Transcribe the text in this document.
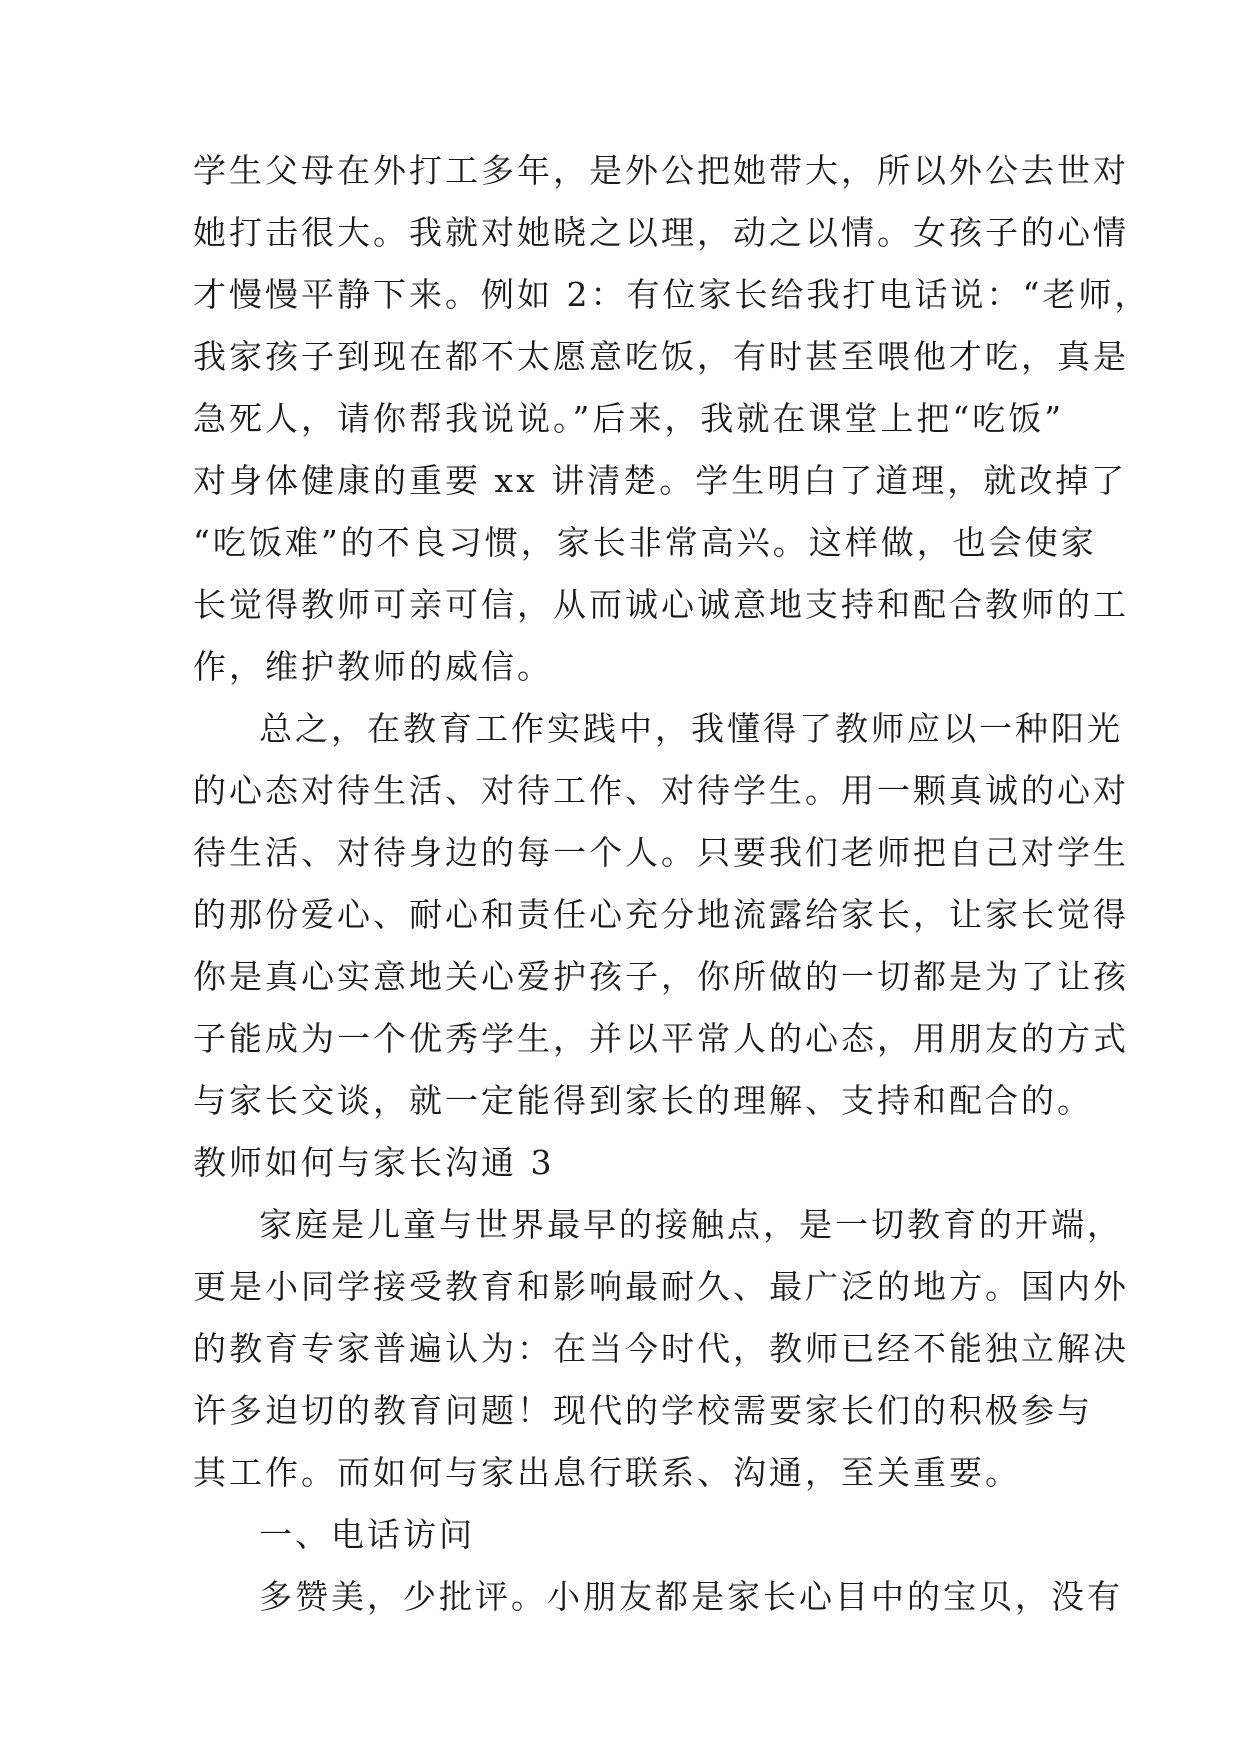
学生父母在外打工多年，是外公把她带大，所以外公去世对
她打击很大。我就对她晓之以理，动之以情。女孩子的心情
才慢慢平静下来。例如 2：有位家长给我打电话说：“老师，
我家孩子到现在都不太愿意吃饭，有时甚至喂他才吃，真是
急死人，请你帮我说说。”后来，我就在课堂上把“吃饭”
对身体健康的重要 xx 讲清楚。学生明白了道理，就改掉了
“吃饭难”的不良习惯，家长非常高兴。这样做，也会使家
长觉得教师可亲可信，从而诚心诚意地支持和配合教师的工
作，维护教师的威信。
总之，在教育工作实践中，我懂得了教师应以一种阳光
的心态对待生活、对待工作、对待学生。用一颗真诚的心对
待生活、对待身边的每一个人。只要我们老师把自己对学生
的那份爱心、耐心和责任心充分地流露给家长，让家长觉得
你是真心实意地关心爱护孩子，你所做的一切都是为了让孩
子能成为一个优秀学生，并以平常人的心态，用朋友的方式
与家长交谈，就一定能得到家长的理解、支持和配合的。
教师如何与家长沟通 3
家庭是儿童与世界最早的接触点，是一切教育的开端，
更是小同学接受教育和影响最耐久、最广泛的地方。国内外
的教育专家普遍认为：在当今时代，教师已经不能独立解决
许多迫切的教育问题！现代的学校需要家长们的积极参与
其工作。而如何与家出息行联系、沟通，至关重要。
一、电话访问
多赞美，少批评。小朋友都是家长心目中的宝贝，没有
